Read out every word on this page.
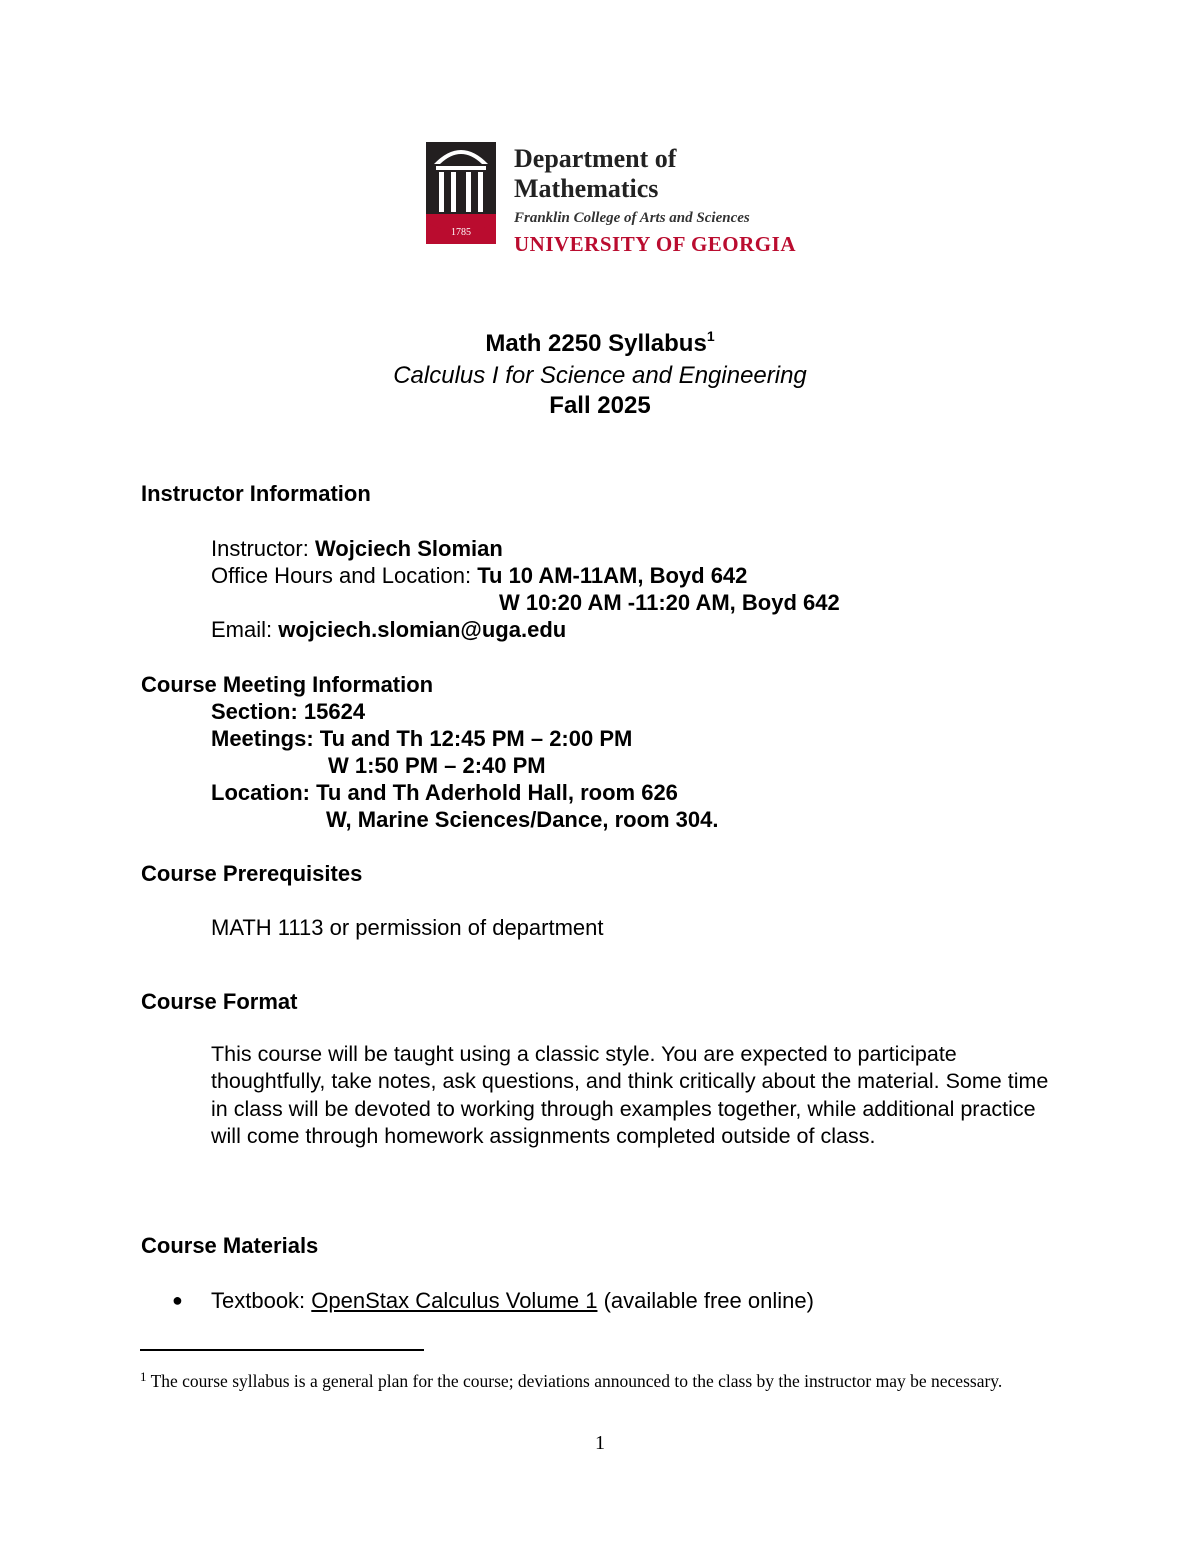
1785
Department of
Mathematics
Franklin College of Arts and Sciences
UNIVERSITY OF GEORGIA
Math 2250 Syllabus$^1$
Calculus I for Science and Engineering
Fall 2025
Instructor Information
Instructor: Wojciech Slomian
Office Hours and Location: Tu 10 AM-11AM, Boyd 642
W 10:20 AM -11:20 AM, Boyd 642
Email: wojciech.slomian@uga.edu
Course Meeting Information
Section: 15624
Meetings: Tu and Th 12:45 PM – 2:00 PM
W 1:50 PM – 2:40 PM
Location: Tu and Th Aderhold Hall, room 626
W, Marine Sciences/Dance, room 304.
Course Prerequisites
MATH 1113 or permission of department
Course Format
This course will be taught using a classic style. You are expected to participate thoughtfully, take notes, ask questions, and think critically about the material. Some time in class will be devoted to working through examples together, while additional practice will come through homework assignments completed outside of class.
Course Materials
● Textbook: OpenStax Calculus Volume 1 (available free online)
$^1$ The course syllabus is a general plan for the course; deviations announced to the class by the instructor may be necessary.
1
